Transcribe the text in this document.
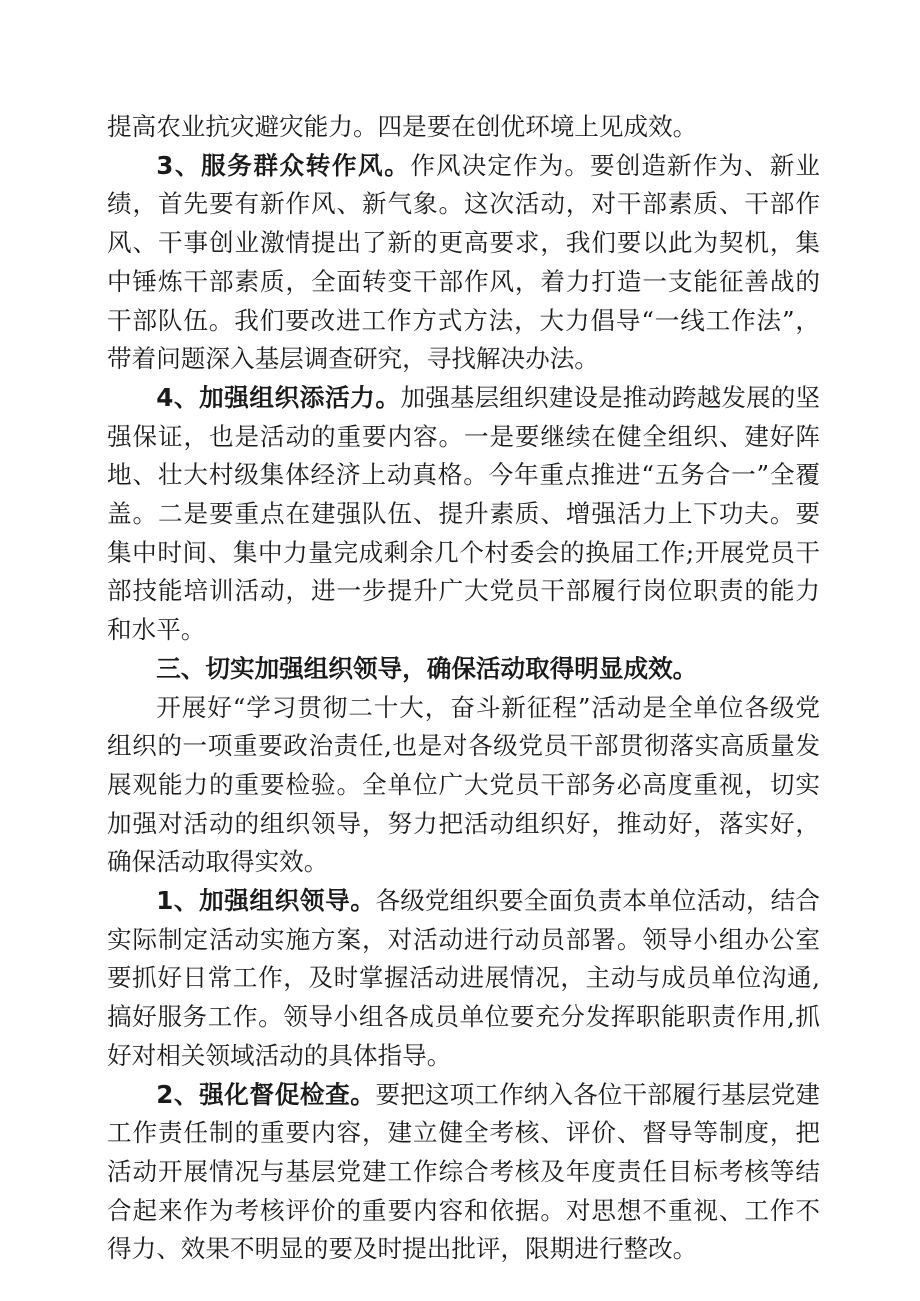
提高农业抗灾避灾能力。四是要在创优环境上见成效。

3、服务群众转作风。作风决定作为。要创造新作为、新业绩，首先要有新作风、新气象。这次活动，对干部素质、干部作风、干事创业激情提出了新的更高要求，我们要以此为契机，集中锤炼干部素质，全面转变干部作风，着力打造一支能征善战的干部队伍。我们要改进工作方式方法，大力倡导“一线工作法”，带着问题深入基层调查研究，寻找解决办法。

4、加强组织添活力。加强基层组织建设是推动跨越发展的坚强保证，也是活动的重要内容。一是要继续在健全组织、建好阵地、壮大村级集体经济上动真格。今年重点推进“五务合一”全覆盖。二是要重点在建强队伍、提升素质、增强活力上下功夫。要集中时间、集中力量完成剩余几个村委会的换届工作;开展党员干部技能培训活动，进一步提升广大党员干部履行岗位职责的能力和水平。

三、切实加强组织领导，确保活动取得明显成效。

开展好“学习贯彻二十大，奋斗新征程”活动是全单位各级党组织的一项重要政治责任,也是对各级党员干部贯彻落实高质量发展观能力的重要检验。全单位广大党员干部务必高度重视，切实加强对活动的组织领导，努力把活动组织好，推动好，落实好，确保活动取得实效。

1、加强组织领导。各级党组织要全面负责本单位活动，结合实际制定活动实施方案，对活动进行动员部署。领导小组办公室要抓好日常工作，及时掌握活动进展情况，主动与成员单位沟通,搞好服务工作。领导小组各成员单位要充分发挥职能职责作用,抓好对相关领域活动的具体指导。

2、强化督促检查。要把这项工作纳入各位干部履行基层党建工作责任制的重要内容，建立健全考核、评价、督导等制度，把活动开展情况与基层党建工作综合考核及年度责任目标考核等结合起来作为考核评价的重要内容和依据。对思想不重视、工作不得力、效果不明显的要及时提出批评，限期进行整改。
